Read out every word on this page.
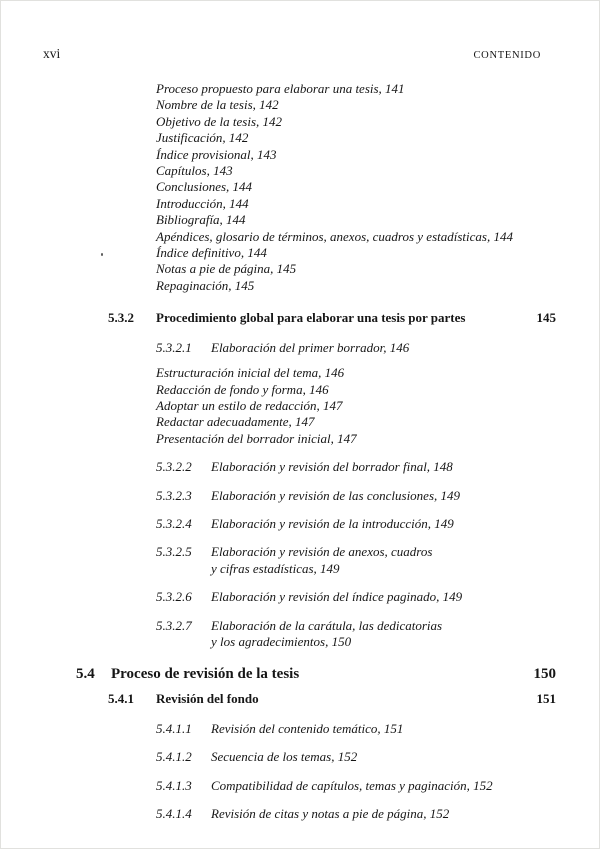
xvi	CONTENIDO
Proceso propuesto para elaborar una tesis, 141
Nombre de la tesis, 142
Objetivo de la tesis, 142
Justificación, 142
Índice provisional, 143
Capítulos, 143
Conclusiones, 144
Introducción, 144
Bibliografía, 144
Apéndices, glosario de términos, anexos, cuadros y estadísticas, 144
Índice definitivo, 144
Notas a pie de página, 145
Repaginación, 145
5.3.2	Procedimiento global para elaborar una tesis por partes	145
5.3.2.1 Elaboración del primer borrador, 146
Estructuración inicial del tema, 146
Redacción de fondo y forma, 146
Adoptar un estilo de redacción, 147
Redactar adecuadamente, 147
Presentación del borrador inicial, 147
5.3.2.2 Elaboración y revisión del borrador final, 148
5.3.2.3 Elaboración y revisión de las conclusiones, 149
5.3.2.4 Elaboración y revisión de la introducción, 149
5.3.2.5 Elaboración y revisión de anexos, cuadros
y cifras estadísticas, 149
5.3.2.6 Elaboración y revisión del índice paginado, 149
5.3.2.7 Elaboración de la carátula, las dedicatorias
y los agradecimientos, 150
5.4	Proceso de revisión de la tesis	150
5.4.1	Revisión del fondo	151
5.4.1.1 Revisión del contenido temático, 151
5.4.1.2 Secuencia de los temas, 152
5.4.1.3 Compatibilidad de capítulos, temas y paginación, 152
5.4.1.4 Revisión de citas y notas a pie de página, 152
